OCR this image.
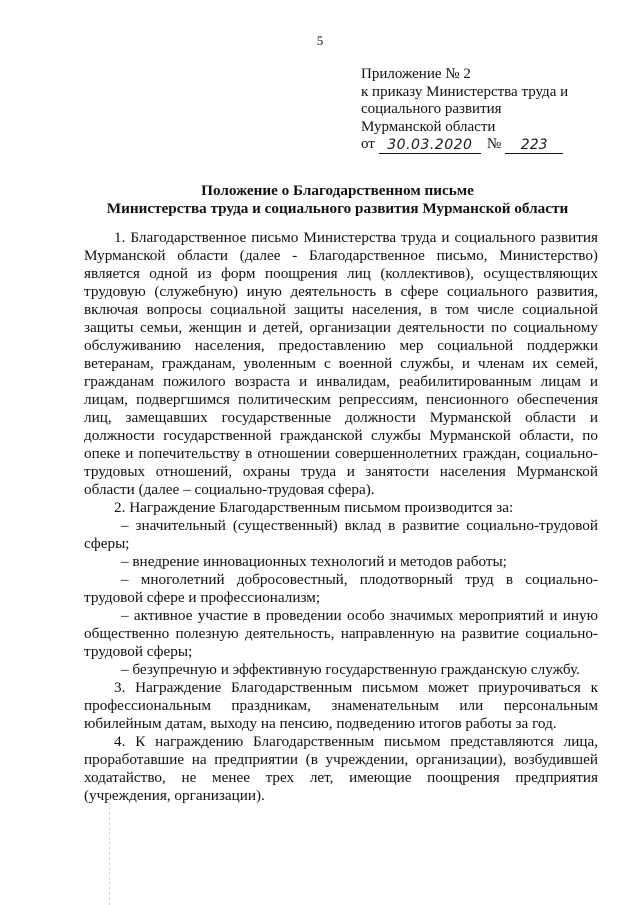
5
Приложение № 2
к приказу Министерства труда и
социального развития
Мурманской области
от 30.03.2020 №	223
Положение о Благодарственном письме
Министерства труда и социального развития Мурманской области

1. Благодарственное письмо Министерства труда и социального развития Мурманской области (далее - Благодарственное письмо, Министерство) является одной из форм поощрения лиц (коллективов), осуществляющих трудовую (служебную) иную деятельность в сфере социального развития, включая вопросы социальной защиты населения, в том числе социальной защиты семьи, женщин и детей, организации деятельности по социальному обслуживанию населения, предоставлению мер социальной поддержки ветеранам, гражданам, уволенным с военной службы, и членам их семей, гражданам пожилого возраста и инвалидам, реабилитированным лицам и лицам, подвергшимся политическим репрессиям, пенсионного обеспечения лиц, замещавших государственные должности Мурманской области и должности государственной гражданской службы Мурманской области, по опеке и попечительству в отношении совершеннолетних граждан, социально-трудовых отношений, охраны труда и занятости населения Мурманской области (далее – социально-трудовая сфера).

2. Награждение Благодарственным письмом производится за:

– значительный (существенный) вклад в развитие социально-трудовой сферы;

– внедрение инновационных технологий и методов работы;

– многолетний добросовестный, плодотворный труд в социально-трудовой сфере и профессионализм;

– активное участие в проведении особо значимых мероприятий и иную общественно полезную деятельность, направленную на развитие социально-трудовой сферы;

– безупречную и эффективную государственную гражданскую службу.

3. Награждение Благодарственным письмом может приурочиваться к профессиональным праздникам, знаменательным или персональным юбилейным датам, выходу на пенсию, подведению итогов работы за год.

4. К награждению Благодарственным письмом представляются лица, проработавшие на предприятии (в учреждении, организации), возбудившей ходатайство, не менее трех лет, имеющие поощрения предприятия (учреждения, организации).
